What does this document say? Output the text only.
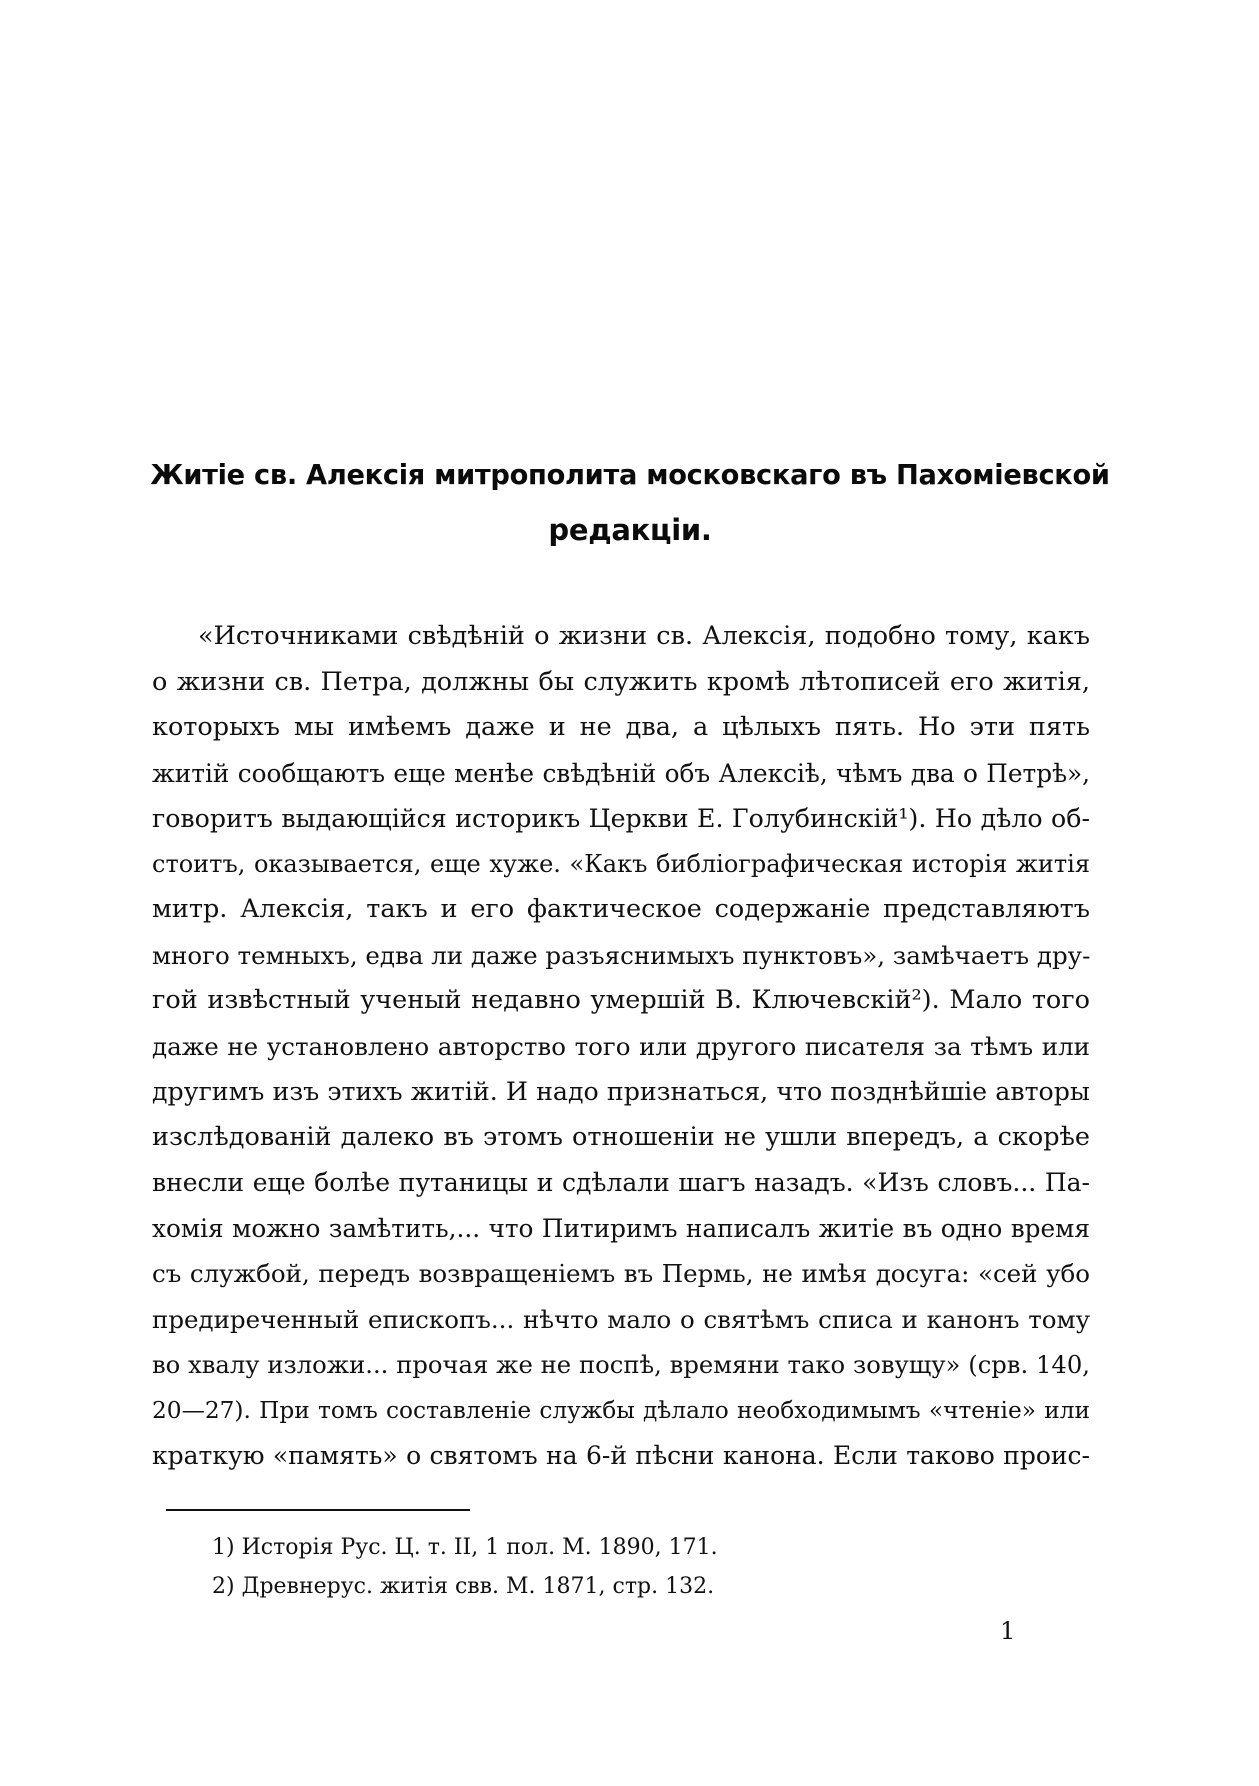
Житіе св. Алексія митрополита московскаго въ Пахоміевской
редакціи.
«Источниками свѣдѣній о жизни св. Алексія, подобно тому, какъ
о жизни св. Петра, должны бы служить кромѣ лѣтописей его житія,
которыхъ мы имѣемъ даже и не два, а цѣлыхъ пять. Но эти пять
житій сообщаютъ еще менѣе свѣдѣній объ Алексіѣ, чѣмъ два о Петрѣ»,
говоритъ выдающійся историкъ Церкви Е. Голубинскій¹). Но дѣло об-
стоитъ, оказывается, еще хуже. «Какъ библіографическая исторія житія
митр. Алексія, такъ и его фактическое содержаніе представляютъ
много темныхъ, едва ли даже разъяснимыхъ пунктовъ», замѣчаетъ дру-
гой извѣстный ученый недавно умершій В. Ключевскій²). Мало того
даже не установлено авторство того или другого писателя за тѣмъ или
другимъ изъ этихъ житій. И надо признаться, что позднѣйшіе авторы
изслѣдованій далеко въ этомъ отношеніи не ушли впередъ, а скорѣе
внесли еще болѣе путаницы и сдѣлали шагъ назадъ. «Изъ словъ... Па-
хомія можно замѣтить,... что Питиримъ написалъ житіе въ одно время
съ службой, передъ возвращеніемъ въ Пермь, не имѣя досуга: «сей убо
предиреченный епископъ... нѣчто мало о святѣмъ списа и канонъ тому
во хвалу изложи... прочая же не поспѣ, времяни тако зовущу» (срв. 140,
20—27). При томъ составленіе службы дѣлало необходимымъ «чтеніе» или
краткую «память» о святомъ на 6-й пѣсни канона. Если таково проис-
1) Исторія Рус. Ц. т. II, 1 пол. М. 1890, 171.
2) Древнерус. житія свв. М. 1871, стр. 132.
1
